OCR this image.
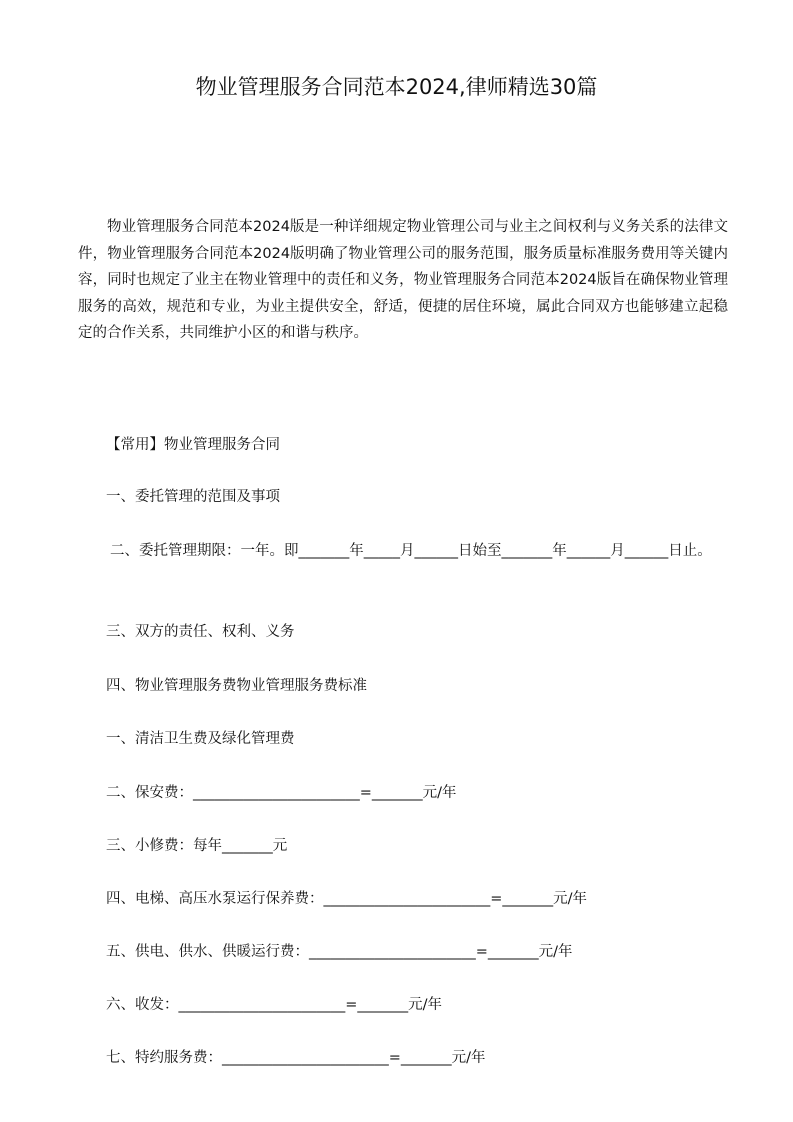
物业管理服务合同范本2024,律师精选30篇

物业管理服务合同范本2024版是一种详细规定物业管理公司与业主之间权利与义务关系的法律文件，物业管理服务合同范本2024版明确了物业管理公司的服务范围，服务质量标准服务费用等关键内容，同时也规定了业主在物业管理中的责任和义务，物业管理服务合同范本2024版旨在确保物业管理服务的高效，规范和专业，为业主提供安全，舒适，便捷的居住环境，属此合同双方也能够建立起稳定的合作关系，共同维护小区的和谐与秩序。

【常用】物业管理服务合同

一、委托管理的范围及事项

二、委托管理期限：一年。即_______年_____月______日始至_______年______月______日止。

三、双方的责任、权利、义务

四、物业管理服务费物业管理服务费标准

一、清洁卫生费及绿化管理费

二、保安费：_______________________=_______元/年

三、小修费：每年_______元

四、电梯、高压水泵运行保养费：_______________________=_______元/年

五、供电、供水、供暖运行费：_______________________=_______元/年

六、收发：_______________________=_______元/年

七、特约服务费：_______________________=_______元/年
